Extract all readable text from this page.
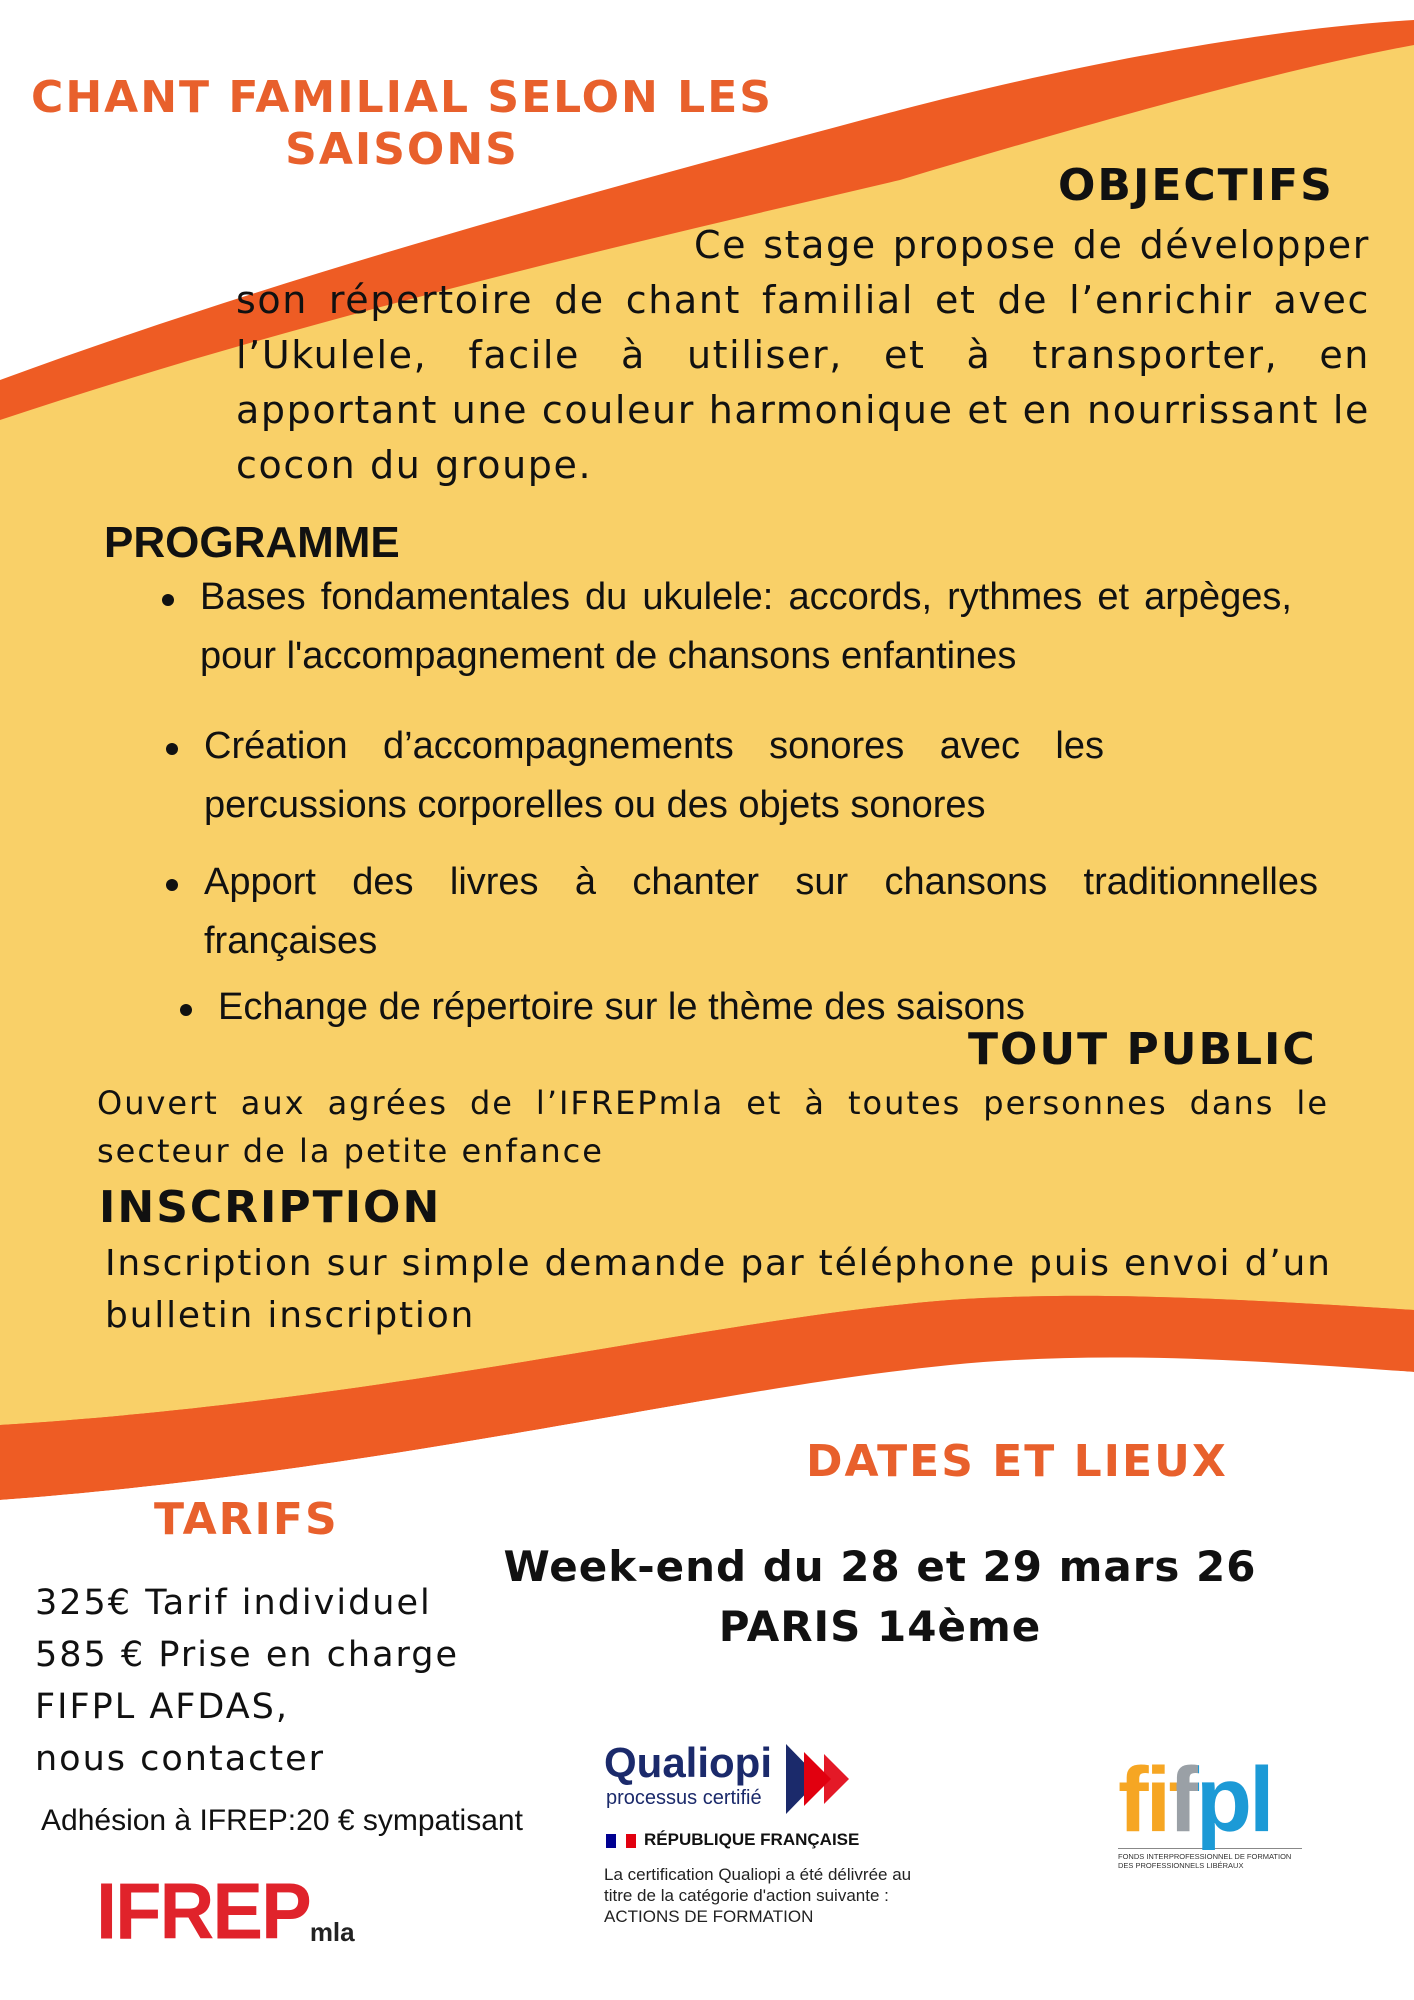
CHANT FAMILIAL SELON LES
SAISONS
OBJECTIFS
Ce stage propose de développer son répertoire de chant familial et de l’enrichir avec l’Ukulele, facile à utiliser, et à transporter, en apportant une couleur harmonique et en nourrissant le cocon du groupe.
PROGRAMME
Bases fondamentales du ukulele: accords, rythmes et arpèges, pour l'accompagnement de chansons enfantines
Création d’accompagnements sonores avec les percussions corporelles ou des objets sonores
Apport des livres à chanter sur chansons traditionnelles françaises
Echange de répertoire sur le thème des saisons
TOUT PUBLIC
Ouvert aux agrées de l’IFREPmla et à toutes personnes dans le secteur de la petite enfance
INSCRIPTION
Inscription sur simple demande par téléphone puis envoi d’un bulletin inscription
DATES ET LIEUX
Week-end du 28 et 29 mars 26
PARIS 14ème
TARIFS
325€ Tarif individuel
585 € Prise en charge
FIFPL AFDAS,
nous contacter
Adhésion à IFREP:20 € sympatisant
IFREPmla
Qualiopi
processus certifié
RÉPUBLIQUE FRANÇAISE
La certification Qualiopi a été délivrée au
titre de la catégorie d'action suivante :
ACTIONS DE FORMATION
fifpl
FONDS INTERPROFESSIONNEL DE FORMATION
DES PROFESSIONNELS LIBÉRAUX
